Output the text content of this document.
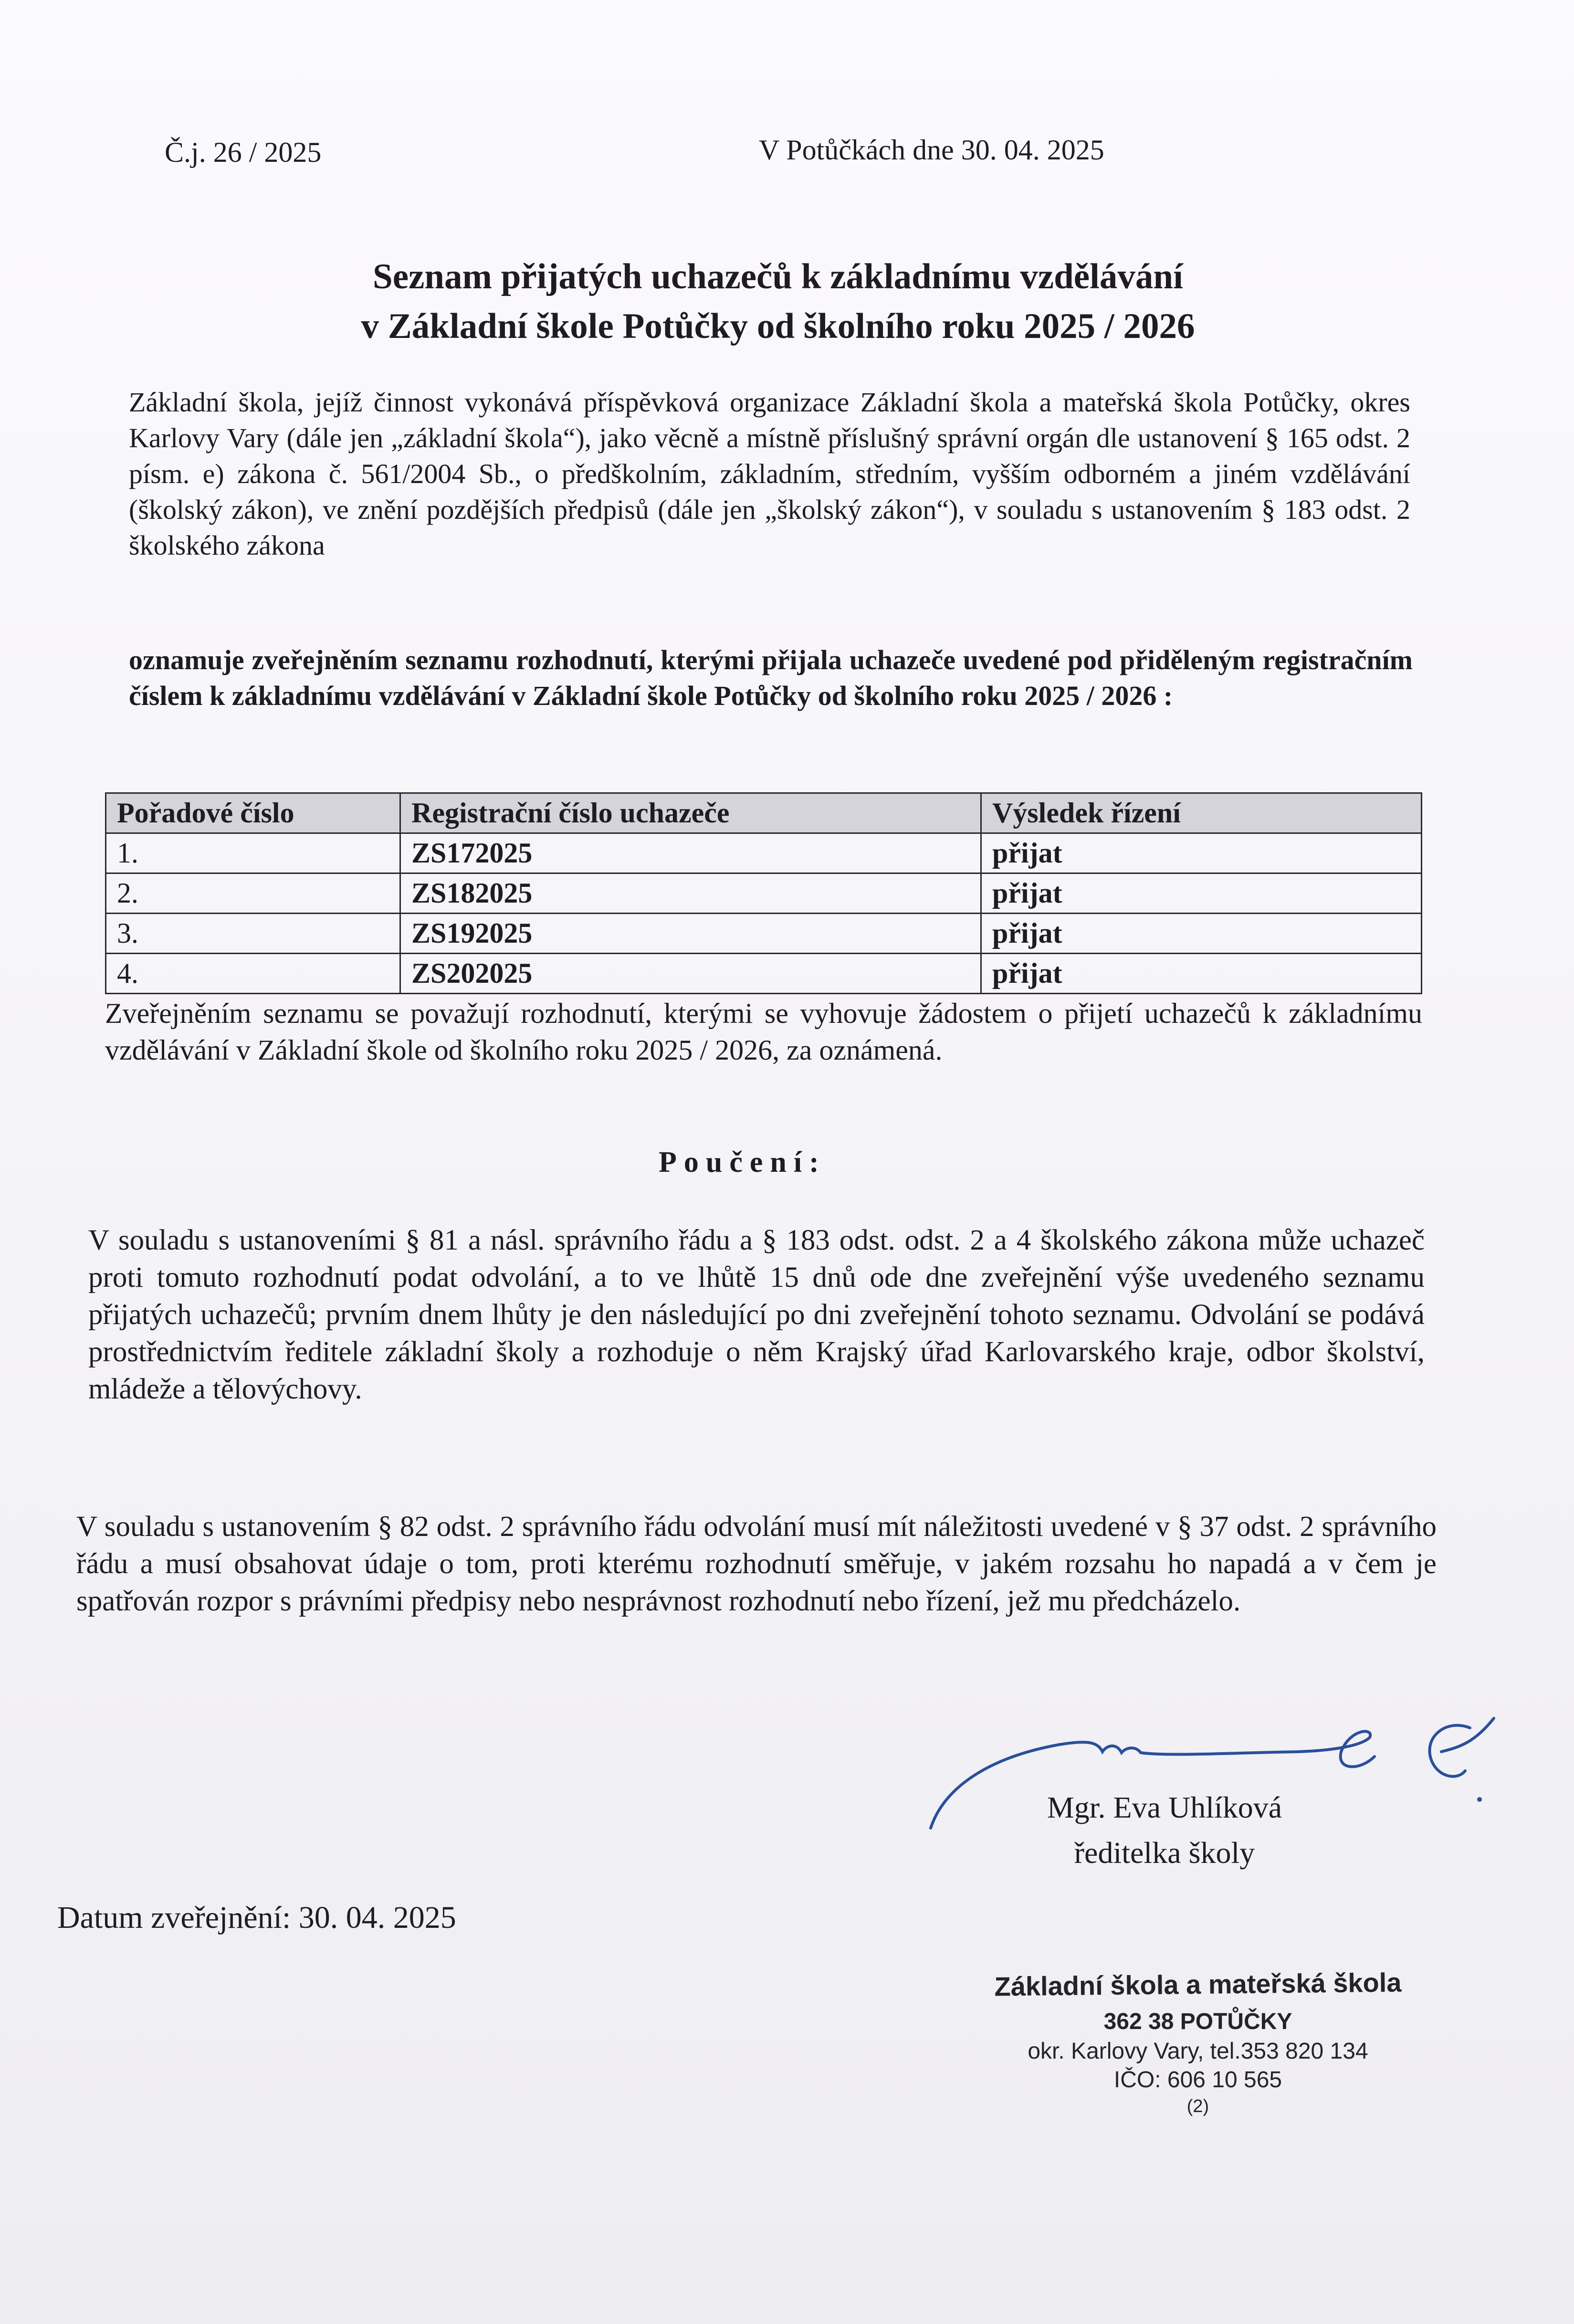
Č.j. 26 / 2025	V Potůčkách dne 30. 04. 2025
Seznam přijatých uchazečů k základnímu vzdělávání
v Základní škole Potůčky od školního roku 2025 / 2026
Základní škola, jejíž činnost vykonává příspěvková organizace Základní škola a mateřská škola Potůčky, okres Karlovy Vary (dále jen „základní škola“), jako věcně a místně příslušný správní orgán dle ustanovení § 165 odst. 2 písm. e) zákona č. 561/2004 Sb., o předškolním, základním, středním, vyšším odborném a jiném vzdělávání (školský zákon), ve znění pozdějších předpisů (dále jen „školský zákon“), v souladu s ustanovením § 183 odst. 2 školského zákona
oznamuje zveřejněním seznamu rozhodnutí, kterými přijala uchazeče uvedené pod přiděleným registračním číslem k základnímu vzdělávání v Základní škole Potůčky od školního roku 2025 / 2026 :
Pořadové číslo	Registrační číslo uchazeče	Výsledek řízení
1.	ZS172025	přijat
2.	ZS182025	přijat
3.	ZS192025	přijat
4.	ZS202025	přijat
Zveřejněním seznamu se považují rozhodnutí, kterými se vyhovuje žádostem o přijetí uchazečů k základnímu vzdělávání v Základní škole od školního roku 2025 / 2026, za oznámená.
Poučení:
V souladu s ustanoveními § 81 a násl. správního řádu a § 183 odst. odst. 2 a 4 školského zákona může uchazeč proti tomuto rozhodnutí podat odvolání, a to ve lhůtě 15 dnů ode dne zveřejnění výše uvedeného seznamu přijatých uchazečů; prvním dnem lhůty je den následující po dni zveřejnění tohoto seznamu. Odvolání se podává prostřednictvím ředitele základní školy a rozhoduje o něm Krajský úřad Karlovarského kraje, odbor školství, mládeže a tělovýchovy.
V souladu s ustanovením § 82 odst. 2 správního řádu odvolání musí mít náležitosti uvedené v § 37 odst. 2 správního řádu a musí obsahovat údaje o tom, proti kterému rozhodnutí směřuje, v jakém rozsahu ho napadá a v čem je spatřován rozpor s právními předpisy nebo nesprávnost rozhodnutí nebo řízení, jež mu předcházelo.
Mgr. Eva Uhlíková
ředitelka školy
Datum zveřejnění: 30. 04. 2025
Základní škola a mateřská škola
362 38 POTŮČKY
okr. Karlovy Vary, tel.353 820 134
IČO: 606 10 565
(2)
